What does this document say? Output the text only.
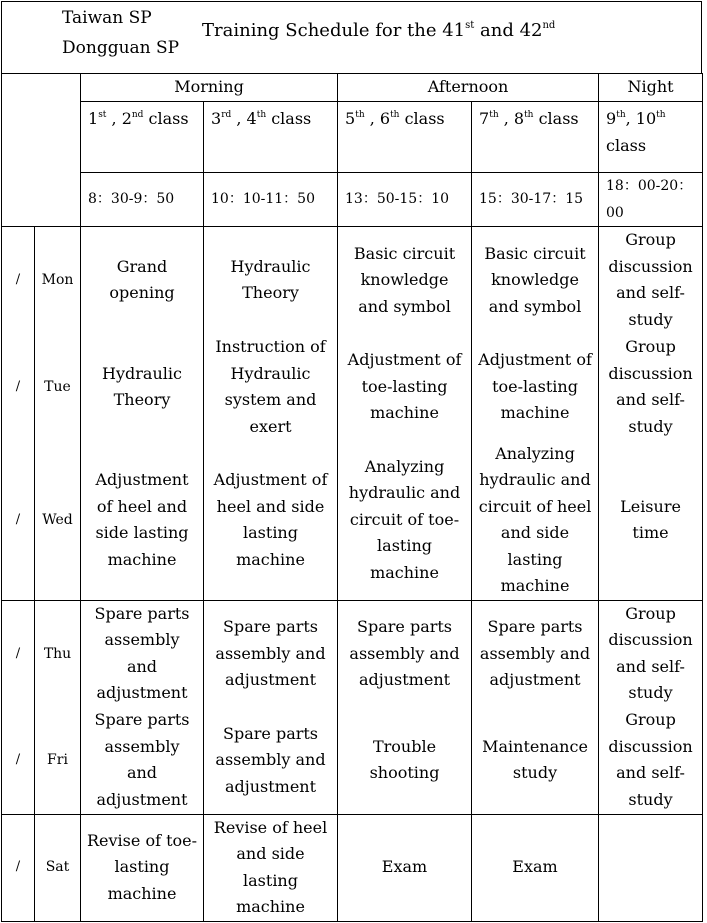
Taiwan SP
Dongguan SP
Training Schedule for the 41st and 42nd
		Morning		Afternoon		Night
		1st , 2nd class	3rd , 4th class	5th , 6th class	7th , 8th class	9th, 10th class
		8：30-9：50	10：10-11：50	13：50-15：10	15：30-17：15	18：00-20：00
/	Mon	Grand opening	Hydraulic Theory	Basic circuit knowledge and symbol	Basic circuit knowledge and symbol	Group discussion and self-study
/	Tue	Hydraulic Theory	Instruction of Hydraulic system and exert	Adjustment of toe-lasting machine	Adjustment of toe-lasting machine	Group discussion and self-study
/	Wed	Adjustment of heel and side lasting machine	Adjustment of heel and side lasting machine	Analyzing hydraulic and circuit of toe-lasting machine	Analyzing hydraulic and circuit of heel and side lasting machine	Leisure time
/	Thu	Spare parts assembly and adjustment	Spare parts assembly and adjustment	Spare parts assembly and adjustment	Spare parts assembly and adjustment	Group discussion and self-study
/	Fri	Spare parts assembly and adjustment	Spare parts assembly and adjustment	Trouble shooting	Maintenance study	Group discussion and self-study
/	Sat	Revise of toe-lasting machine	Revise of heel and side lasting machine	Exam	Exam	
